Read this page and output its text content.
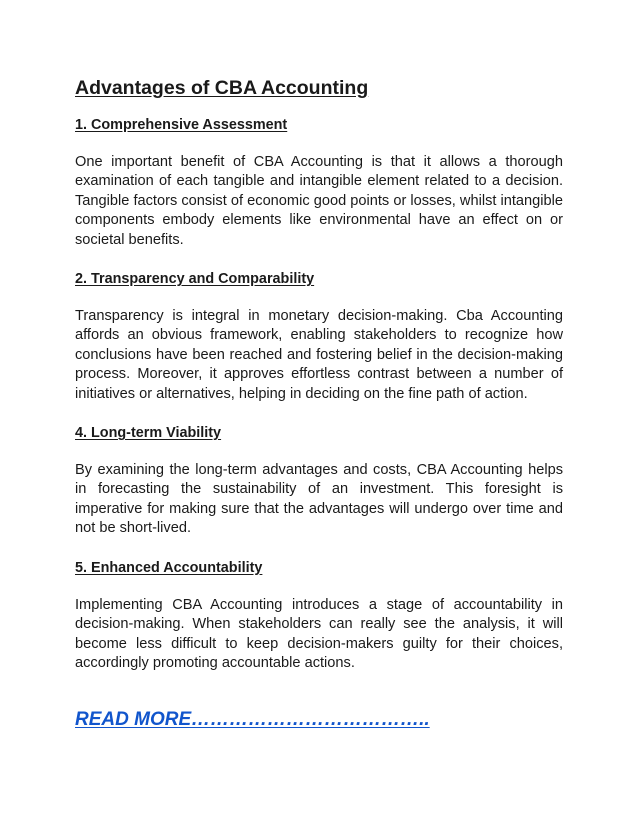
Advantages of CBA Accounting
1. Comprehensive Assessment

One important benefit of CBA Accounting is that it allows a thorough examination of each tangible and intangible element related to a decision. Tangible factors consist of economic good points or losses, whilst intangible components embody elements like environmental have an effect on or societal benefits.

2. Transparency and Comparability

Transparency is integral in monetary decision-making. Cba Accounting affords an obvious framework, enabling stakeholders to recognize how conclusions have been reached and fostering belief in the decision-making process. Moreover, it approves effortless contrast between a number of initiatives or alternatives, helping in deciding on the fine path of action.

4. Long-term Viability

By examining the long-term advantages and costs, CBA Accounting helps in forecasting the sustainability of an investment. This foresight is imperative for making sure that the advantages will undergo over time and not be short-lived.

5. Enhanced Accountability

Implementing CBA Accounting introduces a stage of accountability in decision-making. When stakeholders can really see the analysis, it will become less difficult to keep decision-makers guilty for their choices, accordingly promoting accountable actions.

READ MORE………………………………..
